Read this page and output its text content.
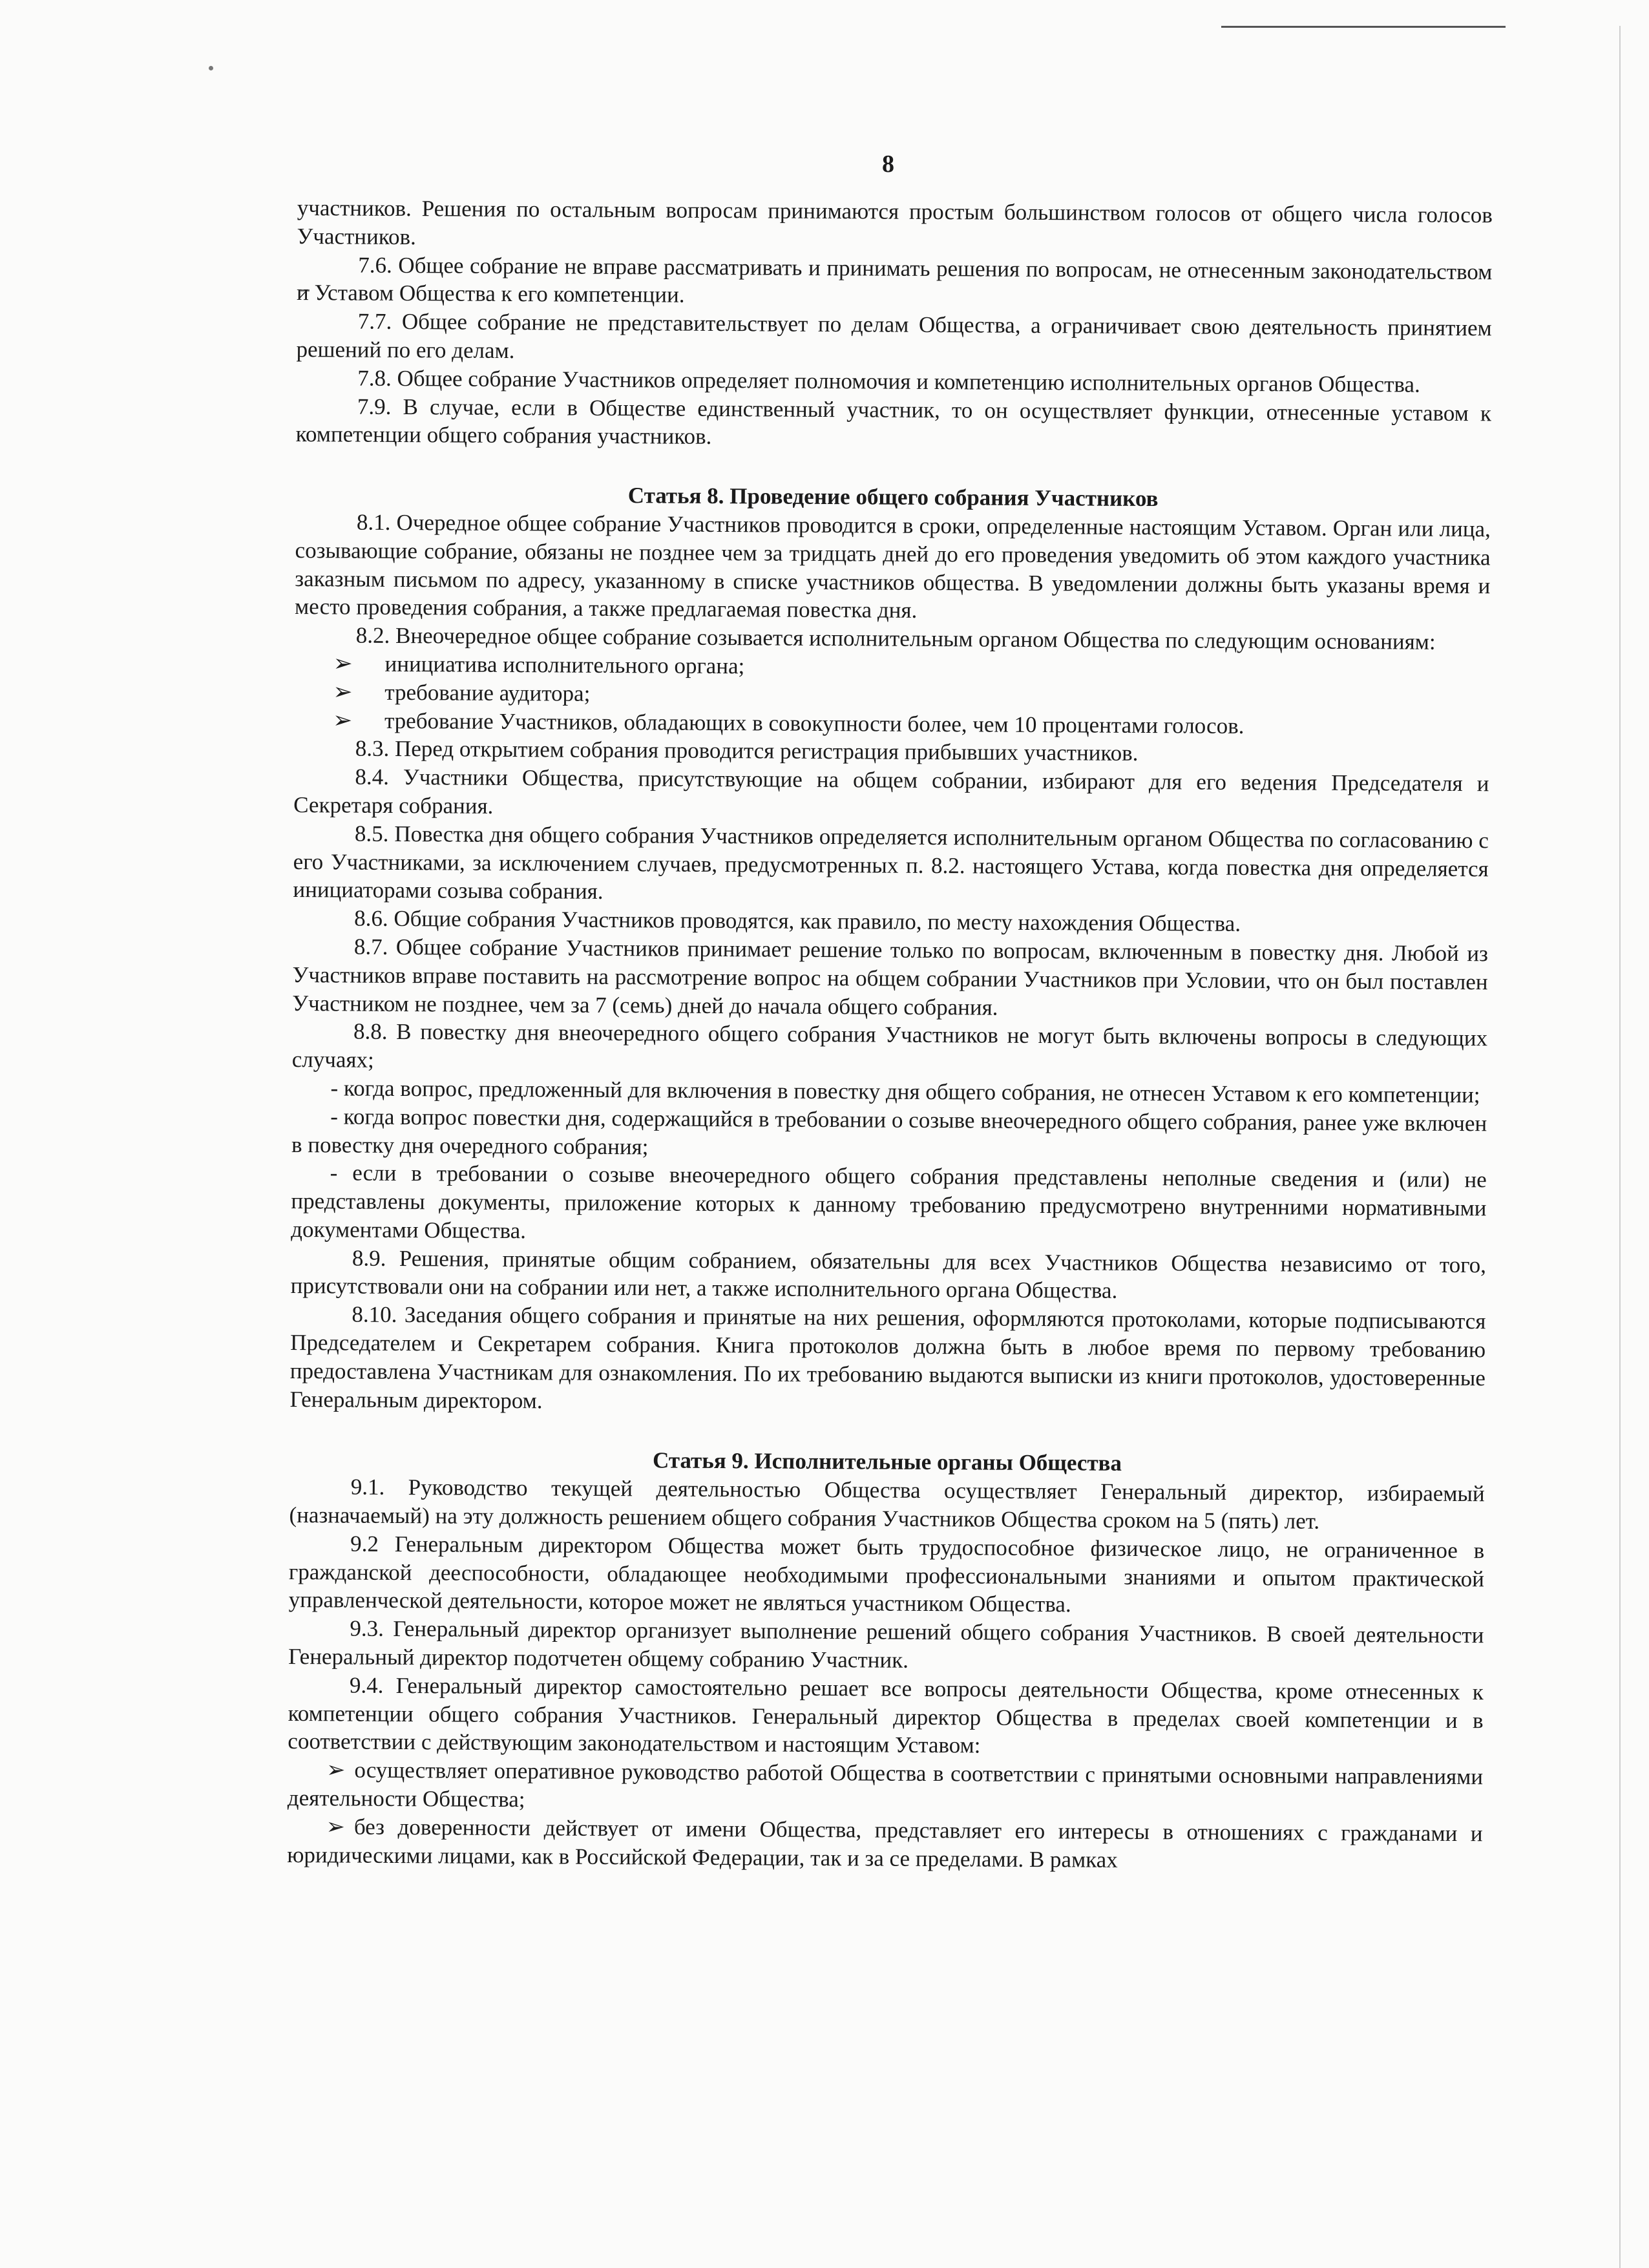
8

участников. Решения по остальным вопросам принимаются простым большинством голосов от общего числа голосов Участников.

7.6. Общее собрание не вправе рассматривать и принимать решения по вопросам, не отнесенным законодательством и Уставом Общества к его компетенции.

7.7. Общее собрание не представительствует по делам Общества, а ограничивает свою деятельность принятием решений по его делам.

7.8. Общее собрание Участников определяет полномочия и компетенцию исполнительных органов Общества.

7.9. В случае, если в Обществе единственный участник, то он осуществляет функции, отнесенные уставом к компетенции общего собрания участников.

Статья 8. Проведение общего собрания Участников

8.1. Очередное общее собрание Участников проводится в сроки, определенные настоящим Уставом. Орган или лица, созывающие собрание, обязаны не позднее чем за тридцать дней до его проведения уведомить об этом каждого участника заказным письмом по адресу, указанному в списке участников общества. В уведомлении должны быть указаны время и место проведения собрания, а также предлагаемая повестка дня.

8.2. Внеочередное общее собрание созывается исполнительным органом Общества по следующим основаниям:

➢	инициатива исполнительного органа;
➢	требование аудитора;
➢	требование Участников, обладающих в совокупности более, чем 10 процентами голосов.

8.3. Перед открытием собрания проводится регистрация прибывших участников.

8.4. Участники Общества, присутствующие на общем собрании, избирают для его ведения Председателя и Секретаря собрания.

8.5. Повестка дня общего собрания Участников определяется исполнительным органом Общества по согласованию с его Участниками, за исключением случаев, предусмотренных п. 8.2. настоящего Устава, когда повестка дня определяется инициаторами созыва собрания.

8.6. Общие собрания Участников проводятся, как правило, по месту нахождения Общества.

8.7. Общее собрание Участников принимает решение только по вопросам, включенным в повестку дня. Любой из Участников вправе поставить на рассмотрение вопрос на общем собрании Участников при Условии, что он был поставлен Участником не позднее, чем за 7 (семь) дней до начала общего собрания.

8.8. В повестку дня внеочередного общего собрания Участников не могут быть включены вопросы в следующих случаях;

- когда вопрос, предложенный для включения в повестку дня общего собрания, не отнесен Уставом к его компетенции;

- когда вопрос повестки дня, содержащийся в требовании о созыве внеочередного общего собрания, ранее уже включен в повестку дня очередного собрания;

- если в требовании о созыве внеочередного общего собрания представлены неполные сведения и (или) не представлены документы, приложение которых к данному требованию предусмотрено внутренними нормативными документами Общества.

8.9. Решения, принятые общим собранием, обязательны для всех Участников Общества независимо от того, присутствовали они на собрании или нет, а также исполнительного органа Общества.

8.10. Заседания общего собрания и принятые на них решения, оформляются протоколами, которые подписываются Председателем и Секретарем собрания. Книга протоколов должна быть в любое время по первому требованию предоставлена Участникам для ознакомления. По их требованию выдаются выписки из книги протоколов, удостоверенные Генеральным директором.

Статья 9. Исполнительные органы Общества

9.1. Руководство текущей деятельностью Общества осуществляет Генеральный директор, избираемый (назначаемый) на эту должность решением общего собрания Участников Общества сроком на 5 (пять) лет.

9.2 Генеральным директором Общества может быть трудоспособное физическое лицо, не ограниченное в гражданской дееспособности, обладающее необходимыми профессиональными знаниями и опытом практической управленческой деятельности, которое может не являться участником Общества.

9.3. Генеральный директор организует выполнение решений общего собрания Участников. В своей деятельности Генеральный директор подотчетен общему собранию Участник.

9.4. Генеральный директор самостоятельно решает все вопросы деятельности Общества, кроме отнесенных к компетенции общего собрания Участников. Генеральный директор Общества в пределах своей компетенции и в соответствии с действующим законодательством и настоящим Уставом:

➢ осуществляет оперативное руководство работой Общества в соответствии с принятыми основными направлениями деятельности Общества;

➢ без доверенности действует от имени Общества, представляет его интересы в отношениях с гражданами и юридическими лицами, как в Российской Федерации, так и за се пределами. В рамках
